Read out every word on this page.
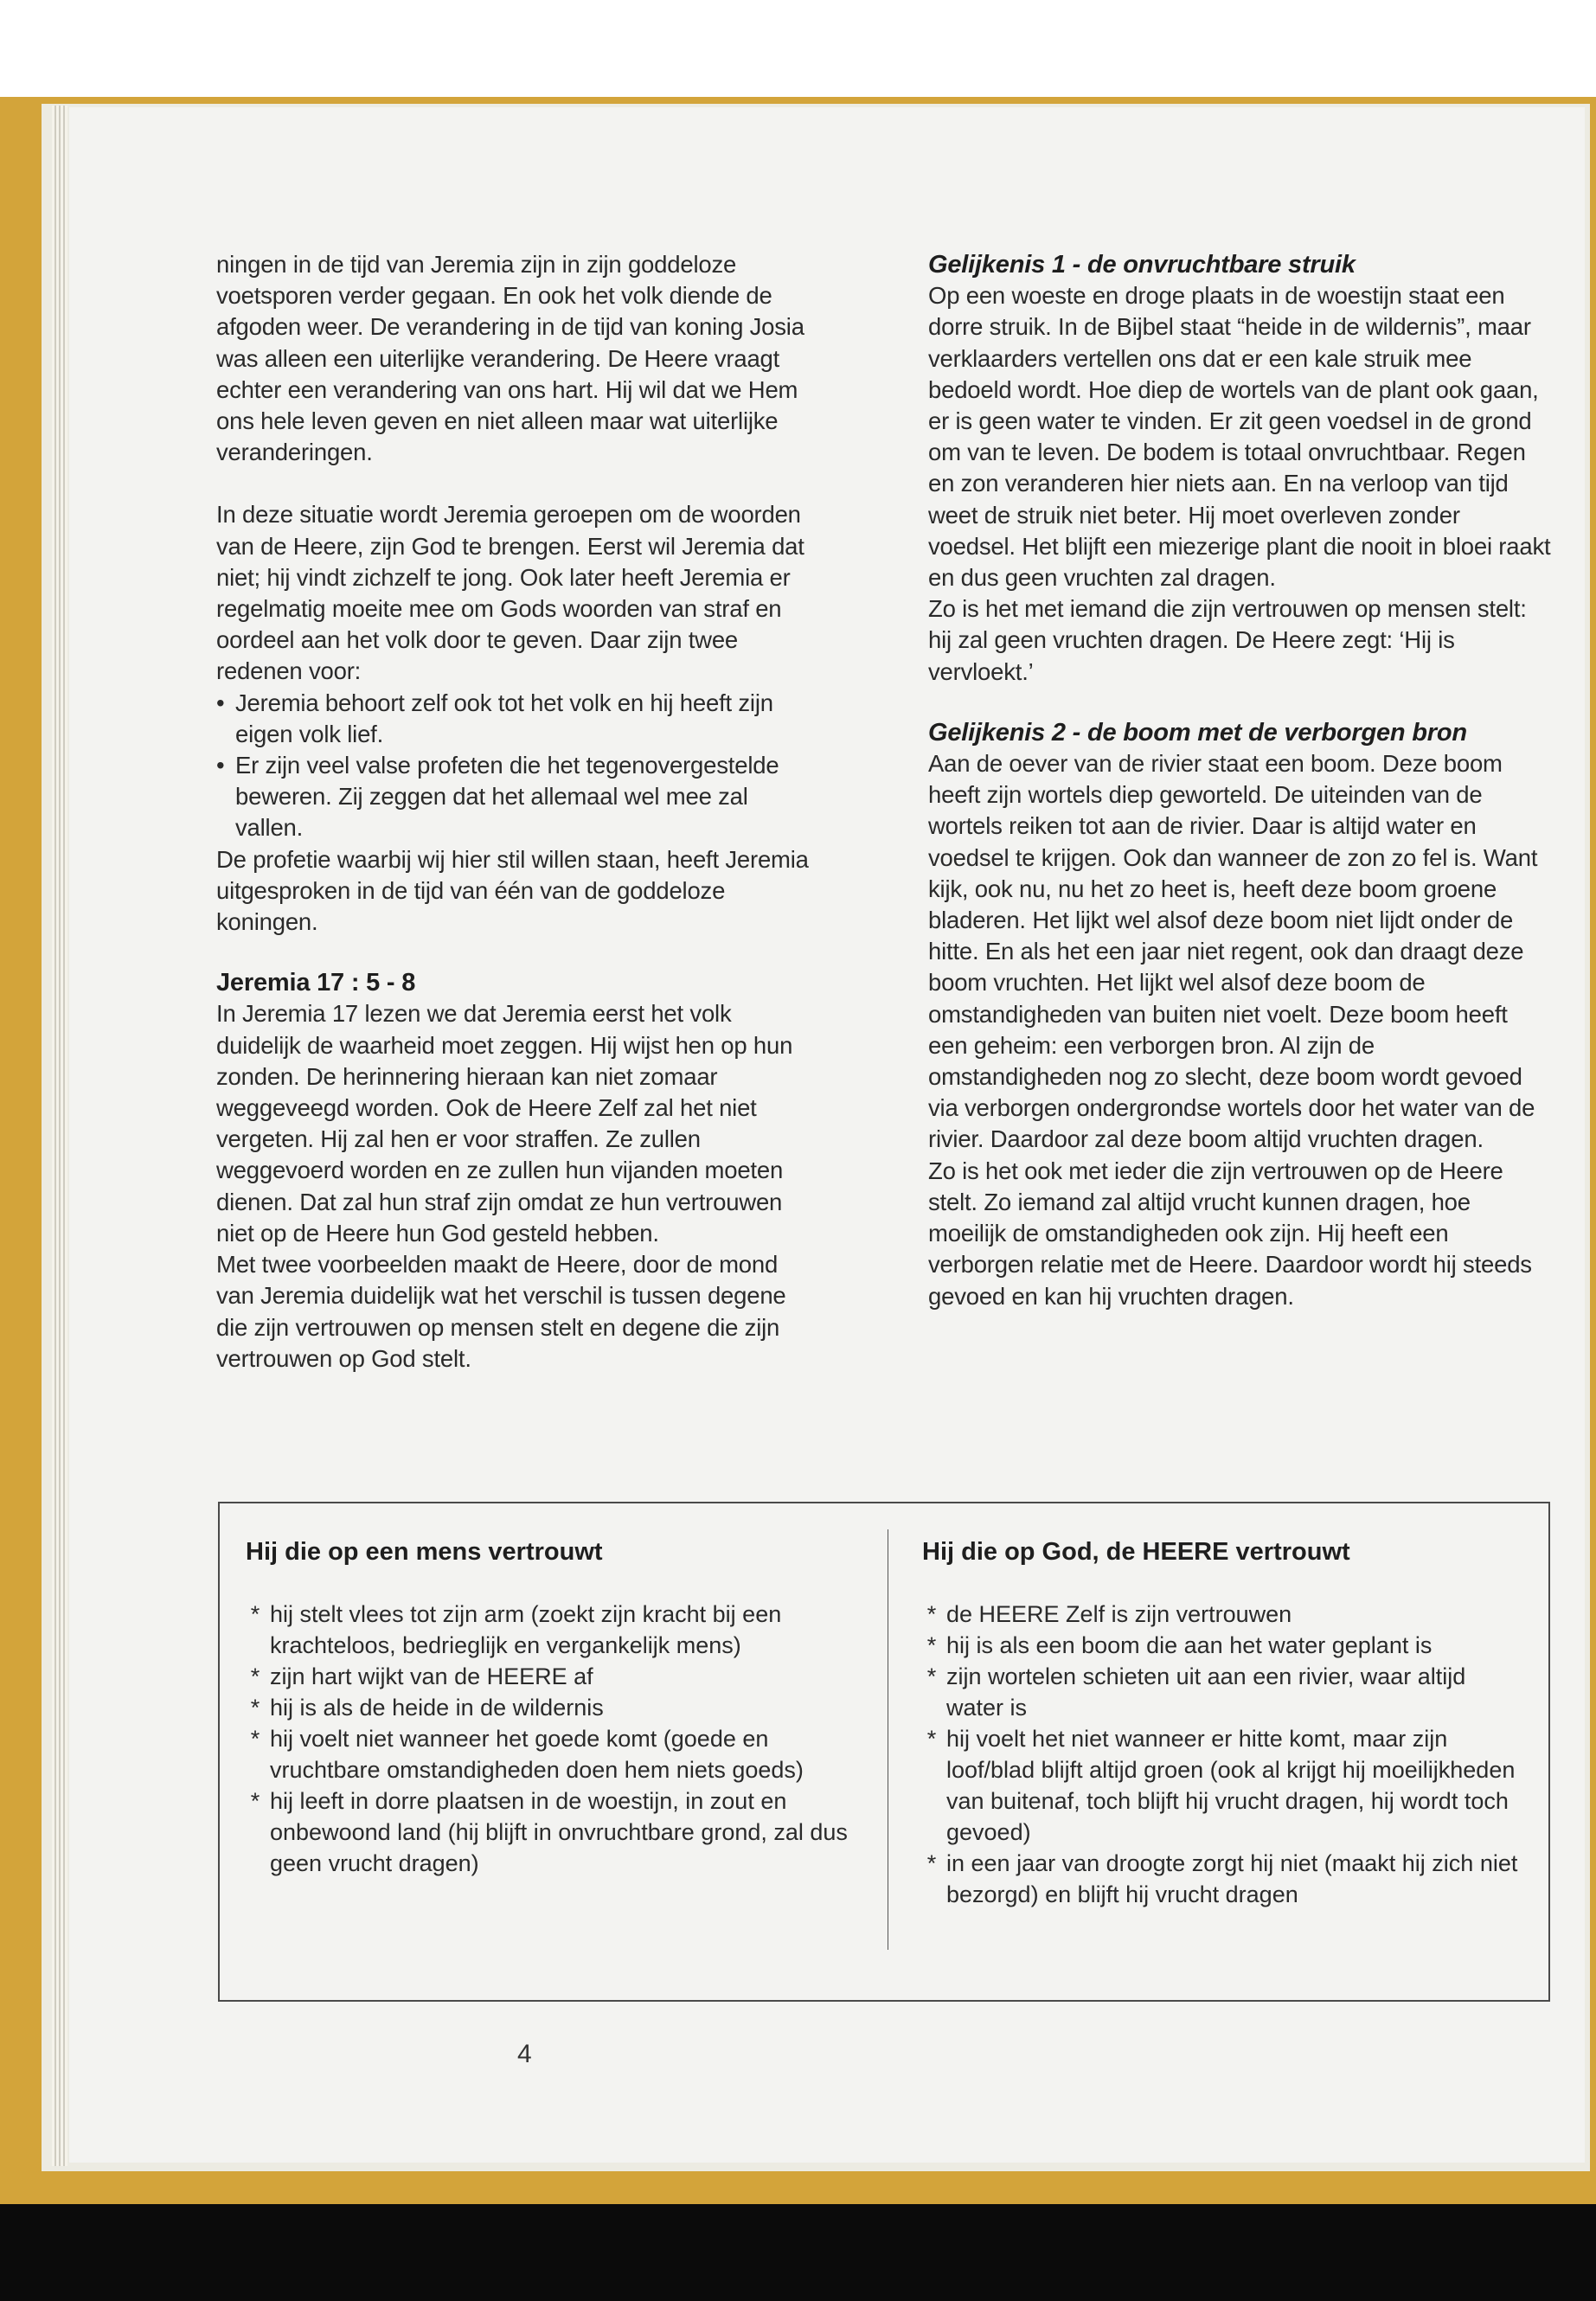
ningen in de tijd van Jeremia zijn in zijn goddeloze voetsporen verder gegaan. En ook het volk diende de afgoden weer. De verandering in de tijd van koning Josia was alleen een uiterlijke verandering. De Heere vraagt echter een verandering van ons hart. Hij wil dat we Hem ons hele leven geven en niet alleen maar wat uiterlijke veranderingen.

In deze situatie wordt Jeremia geroepen om de woorden van de Heere, zijn God te brengen. Eerst wil Jeremia dat niet; hij vindt zichzelf te jong. Ook later heeft Jeremia er regelmatig moeite mee om Gods woorden van straf en oordeel aan het volk door te geven. Daar zijn twee redenen voor:

• Jeremia behoort zelf ook tot het volk en hij heeft zijn eigen volk lief.
• Er zijn veel valse profeten die het tegenovergestelde beweren. Zij zeggen dat het allemaal wel mee zal vallen.

De profetie waarbij wij hier stil willen staan, heeft Jeremia uitgesproken in de tijd van één van de goddeloze koningen.

Jeremia 17 : 5 - 8

In Jeremia 17 lezen we dat Jeremia eerst het volk duidelijk de waarheid moet zeggen. Hij wijst hen op hun zonden. De herinnering hieraan kan niet zomaar weggeveegd worden. Ook de Heere Zelf zal het niet vergeten. Hij zal hen er voor straffen. Ze zullen weggevoerd worden en ze zullen hun vijanden moeten dienen. Dat zal hun straf zijn omdat ze hun vertrouwen niet op de Heere hun God gesteld hebben.

Met twee voorbeelden maakt de Heere, door de mond van Jeremia duidelijk wat het verschil is tussen degene die zijn vertrouwen op mensen stelt en degene die zijn vertrouwen op God stelt.

Gelijkenis 1 - de onvruchtbare struik

Op een woeste en droge plaats in de woestijn staat een dorre struik. In de Bijbel staat “heide in de wildernis”, maar verklaarders vertellen ons dat er een kale struik mee bedoeld wordt. Hoe diep de wortels van de plant ook gaan, er is geen water te vinden. Er zit geen voedsel in de grond om van te leven. De bodem is totaal onvruchtbaar. Regen en zon veranderen hier niets aan. En na verloop van tijd weet de struik niet beter. Hij moet overleven zonder voedsel. Het blijft een miezerige plant die nooit in bloei raakt en dus geen vruchten zal dragen.

Zo is het met iemand die zijn vertrouwen op mensen stelt: hij zal geen vruchten dragen. De Heere zegt: ‘Hij is vervloekt.’

Gelijkenis 2 - de boom met de verborgen bron

Aan de oever van de rivier staat een boom. Deze boom heeft zijn wortels diep geworteld. De uiteinden van de wortels reiken tot aan de rivier. Daar is altijd water en voedsel te krijgen. Ook dan wanneer de zon zo fel is. Want kijk, ook nu, nu het zo heet is, heeft deze boom groene bladeren. Het lijkt wel alsof deze boom niet lijdt onder de hitte. En als het een jaar niet regent, ook dan draagt deze boom vruchten. Het lijkt wel alsof deze boom de omstandigheden van buiten niet voelt. Deze boom heeft een geheim: een verborgen bron. Al zijn de omstandigheden nog zo slecht, deze boom wordt gevoed via verborgen ondergrondse wortels door het water van de rivier. Daardoor zal deze boom altijd vruchten dragen.

Zo is het ook met ieder die zijn vertrouwen op de Heere stelt. Zo iemand zal altijd vrucht kunnen dragen, hoe moeilijk de omstandigheden ook zijn. Hij heeft een verborgen relatie met de Heere. Daardoor wordt hij steeds gevoed en kan hij vruchten dragen.

Hij die op een mens vertrouwt
* hij stelt vlees tot zijn arm (zoekt zijn kracht bij een krachteloos, bedrieglijk en vergankelijk mens)
* zijn hart wijkt van de HEERE af
* hij is als de heide in de wildernis
* hij voelt niet wanneer het goede komt (goede en vruchtbare omstandigheden doen hem niets goeds)
* hij leeft in dorre plaatsen in de woestijn, in zout en onbewoond land (hij blijft in onvruchtbare grond, zal dus geen vrucht dragen)
Hij die op God, de HEERE vertrouwt
* de HEERE Zelf is zijn vertrouwen
* hij is als een boom die aan het water geplant is
* zijn wortelen schieten uit aan een rivier, waar altijd water is
* hij voelt het niet wanneer er hitte komt, maar zijn loof/blad blijft altijd groen (ook al krijgt hij moeilijkheden van buitenaf, toch blijft hij vrucht dragen, hij wordt toch gevoed)
* in een jaar van droogte zorgt hij niet (maakt hij zich niet bezorgd) en blijft hij vrucht dragen
4
